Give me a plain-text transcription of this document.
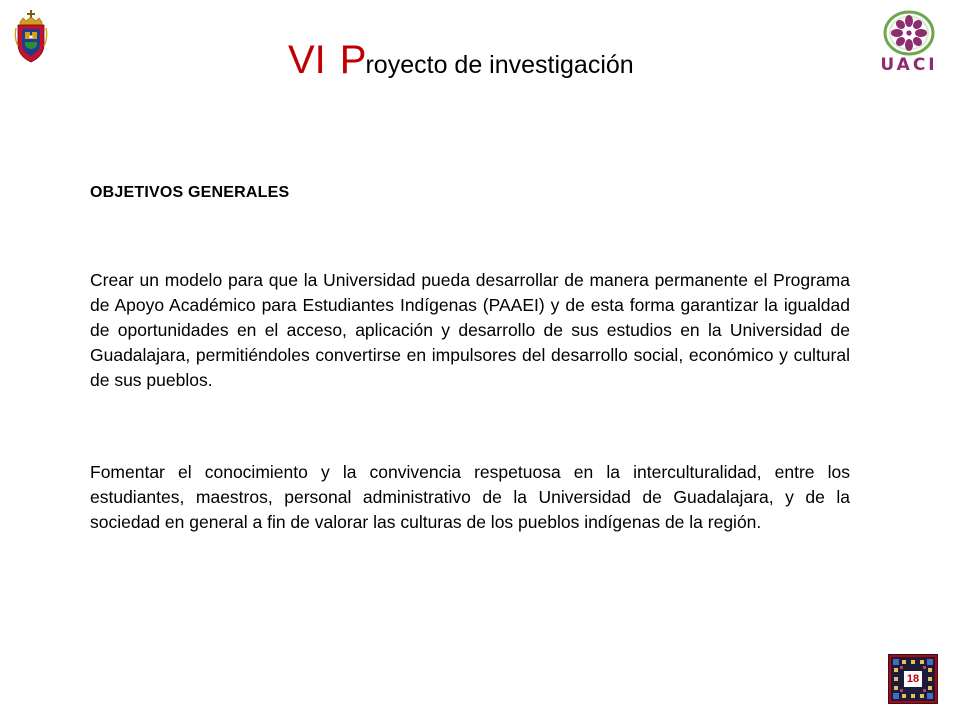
UACI
VI Proyecto de investigación
OBJETIVOS GENERALES
Crear un modelo para que la Universidad pueda desarrollar de manera permanente el Programa de Apoyo Académico para Estudiantes Indígenas (PAAEI) y de esta forma garantizar la igualdad de oportunidades en el acceso, aplicación y desarrollo de sus estudios en la Universidad de Guadalajara, permitiéndoles convertirse en impulsores del desarrollo social, económico y cultural de sus pueblos.
Fomentar el conocimiento y la convivencia respetuosa en la interculturalidad, entre los estudiantes, maestros, personal administrativo de la Universidad de Guadalajara, y de la sociedad en general a fin de valorar las culturas de los pueblos indígenas de la región.
18
